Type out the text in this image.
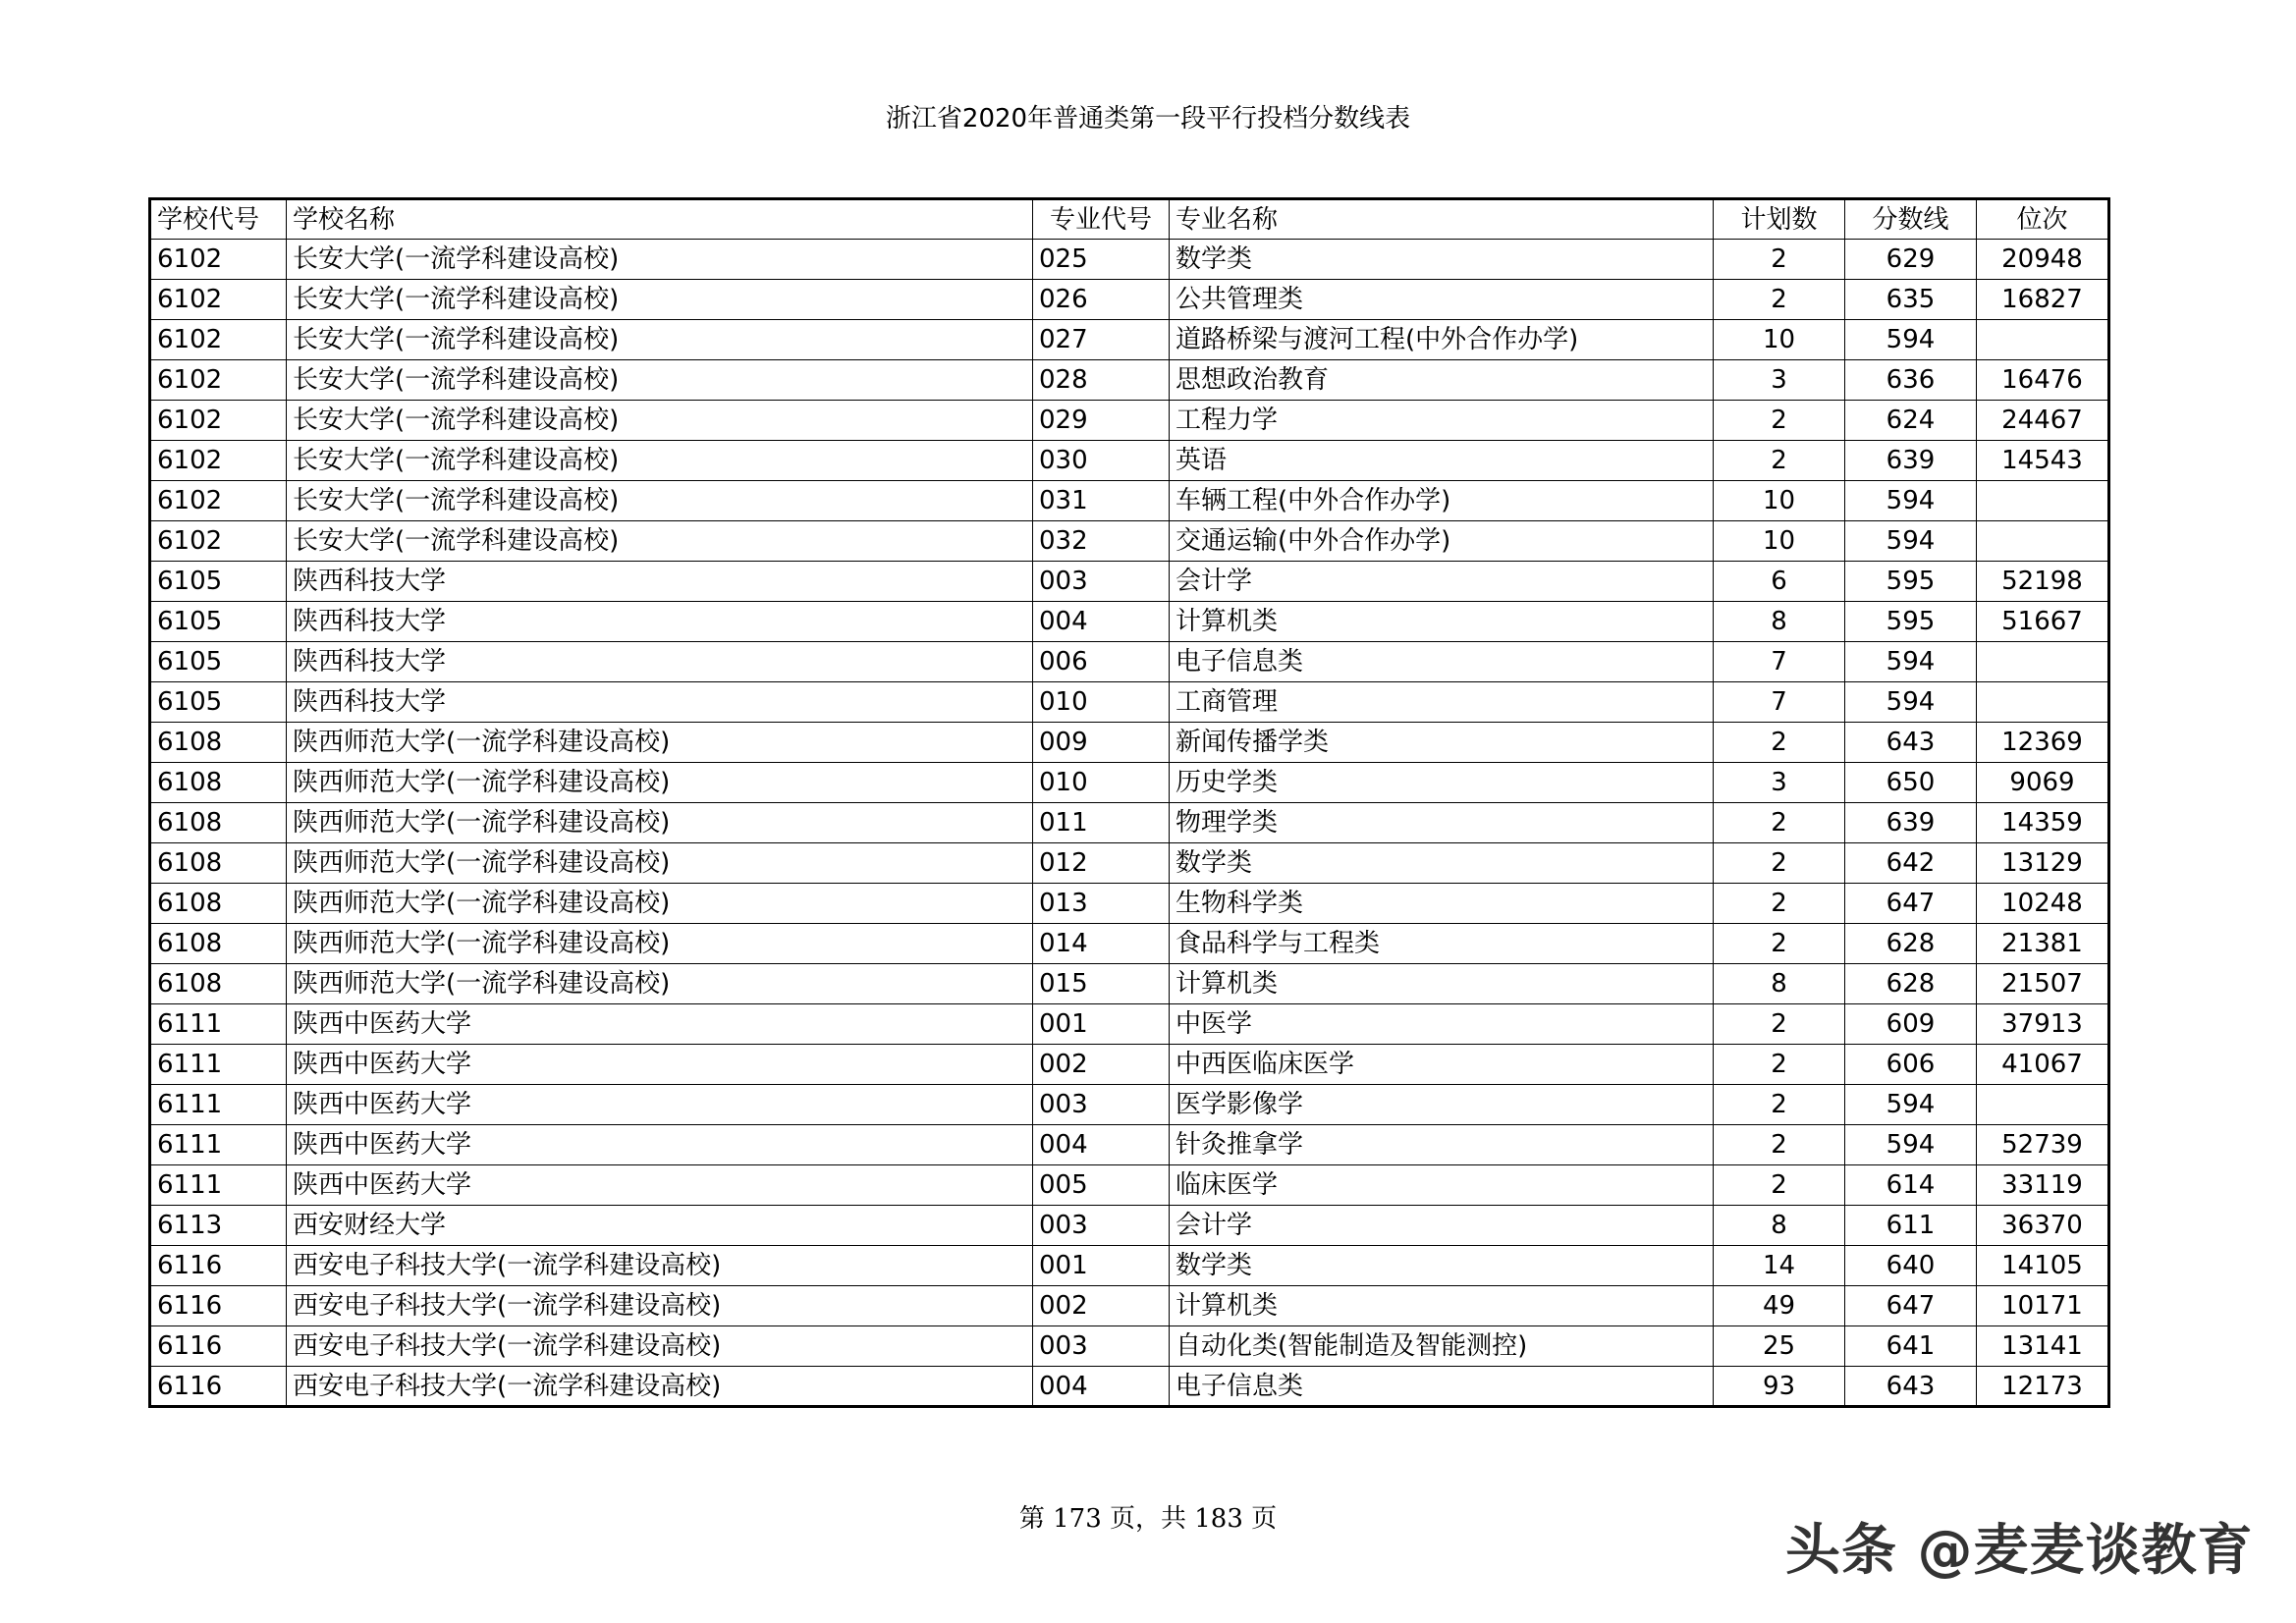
浙江省2020年普通类第一段平行投档分数线表
学校代号	学校名称	专业代号	专业名称	计划数	分数线	位次
6102	长安大学(一流学科建设高校)	025	数学类	2	629	20948
6102	长安大学(一流学科建设高校)	026	公共管理类	2	635	16827
6102	长安大学(一流学科建设高校)	027	道路桥梁与渡河工程(中外合作办学)	10	594	
6102	长安大学(一流学科建设高校)	028	思想政治教育	3	636	16476
6102	长安大学(一流学科建设高校)	029	工程力学	2	624	24467
6102	长安大学(一流学科建设高校)	030	英语	2	639	14543
6102	长安大学(一流学科建设高校)	031	车辆工程(中外合作办学)	10	594	
6102	长安大学(一流学科建设高校)	032	交通运输(中外合作办学)	10	594	
6105	陕西科技大学	003	会计学	6	595	52198
6105	陕西科技大学	004	计算机类	8	595	51667
6105	陕西科技大学	006	电子信息类	7	594	
6105	陕西科技大学	010	工商管理	7	594	
6108	陕西师范大学(一流学科建设高校)	009	新闻传播学类	2	643	12369
6108	陕西师范大学(一流学科建设高校)	010	历史学类	3	650	9069
6108	陕西师范大学(一流学科建设高校)	011	物理学类	2	639	14359
6108	陕西师范大学(一流学科建设高校)	012	数学类	2	642	13129
6108	陕西师范大学(一流学科建设高校)	013	生物科学类	2	647	10248
6108	陕西师范大学(一流学科建设高校)	014	食品科学与工程类	2	628	21381
6108	陕西师范大学(一流学科建设高校)	015	计算机类	8	628	21507
6111	陕西中医药大学	001	中医学	2	609	37913
6111	陕西中医药大学	002	中西医临床医学	2	606	41067
6111	陕西中医药大学	003	医学影像学	2	594	
6111	陕西中医药大学	004	针灸推拿学	2	594	52739
6111	陕西中医药大学	005	临床医学	2	614	33119
6113	西安财经大学	003	会计学	8	611	36370
6116	西安电子科技大学(一流学科建设高校)	001	数学类	14	640	14105
6116	西安电子科技大学(一流学科建设高校)	002	计算机类	49	647	10171
6116	西安电子科技大学(一流学科建设高校)	003	自动化类(智能制造及智能测控)	25	641	13141
6116	西安电子科技大学(一流学科建设高校)	004	电子信息类	93	643	12173
第 173 页，共 183 页	头条 @麦麦谈教育
